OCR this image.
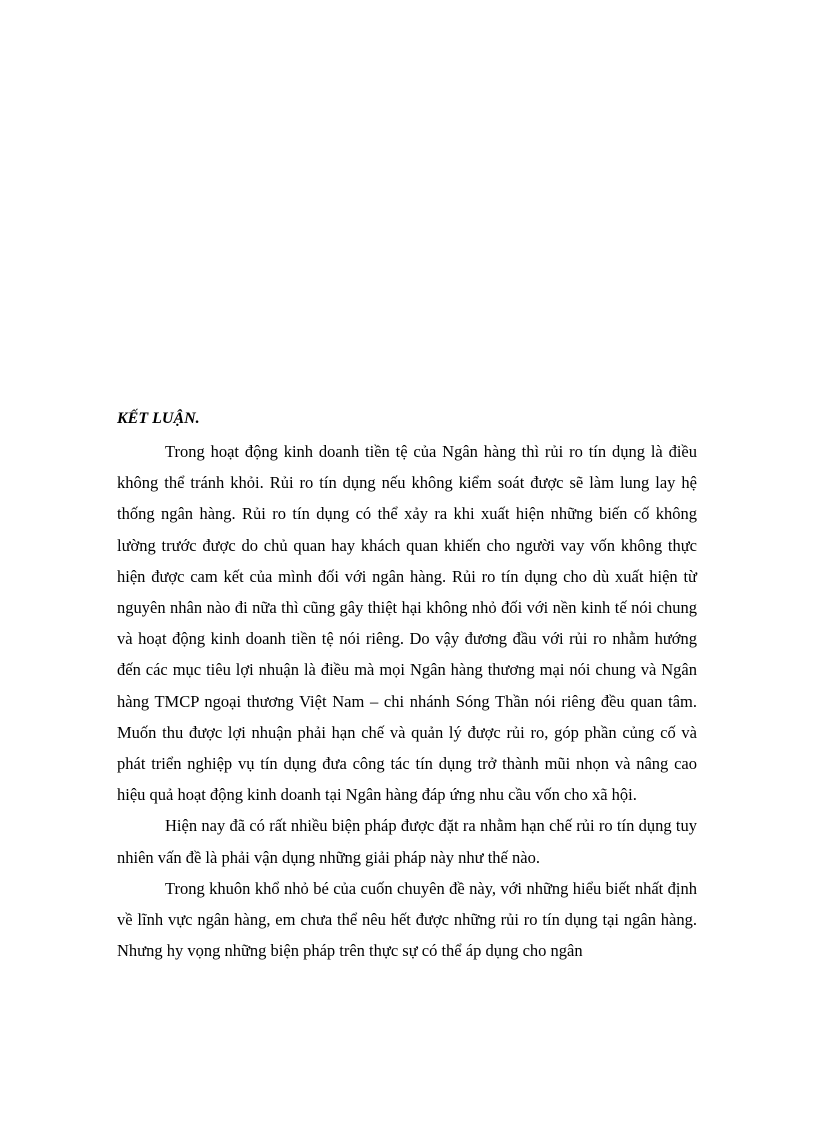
KẾT LUẬN.

Trong hoạt động kinh doanh tiền tệ của Ngân hàng thì rủi ro tín dụng là điều không thể tránh khỏi. Rủi ro tín dụng nếu không kiểm soát được sẽ làm lung lay hệ thống ngân hàng. Rủi ro tín dụng có thể xảy ra khi xuất hiện những biến cố không lường trước được do chủ quan hay khách quan khiến cho người vay vốn không thực hiện được cam kết của mình đối với ngân hàng. Rủi ro tín dụng cho dù xuất hiện từ nguyên nhân nào đi nữa thì cũng gây thiệt hại không nhỏ đối với nền kinh tế nói chung và hoạt động kinh doanh tiền tệ nói riêng. Do vậy đương đầu với rủi ro nhằm hướng đến các mục tiêu lợi nhuận là điều mà mọi Ngân hàng thương mại nói chung và Ngân hàng TMCP ngoại thương Việt Nam – chi nhánh Sóng Thần nói riêng đều quan tâm. Muốn thu được lợi nhuận phải hạn chế và quản lý được rủi ro, góp phần củng cố và phát triển nghiệp vụ tín dụng đưa công tác tín dụng trở thành mũi nhọn và nâng cao hiệu quả hoạt động kinh doanh tại Ngân hàng đáp ứng nhu cầu vốn cho xã hội.

Hiện nay đã có rất nhiều biện pháp được đặt ra nhằm hạn chế rủi ro tín dụng tuy nhiên vấn đề là phải vận dụng những giải pháp này như thế nào.

Trong khuôn khổ nhỏ bé của cuốn chuyên đề này, với những hiểu biết nhất định về lĩnh vực ngân hàng, em chưa thể nêu hết được những rủi ro tín dụng tại ngân hàng. Nhưng hy vọng những biện pháp trên thực sự có thể áp dụng cho ngân
